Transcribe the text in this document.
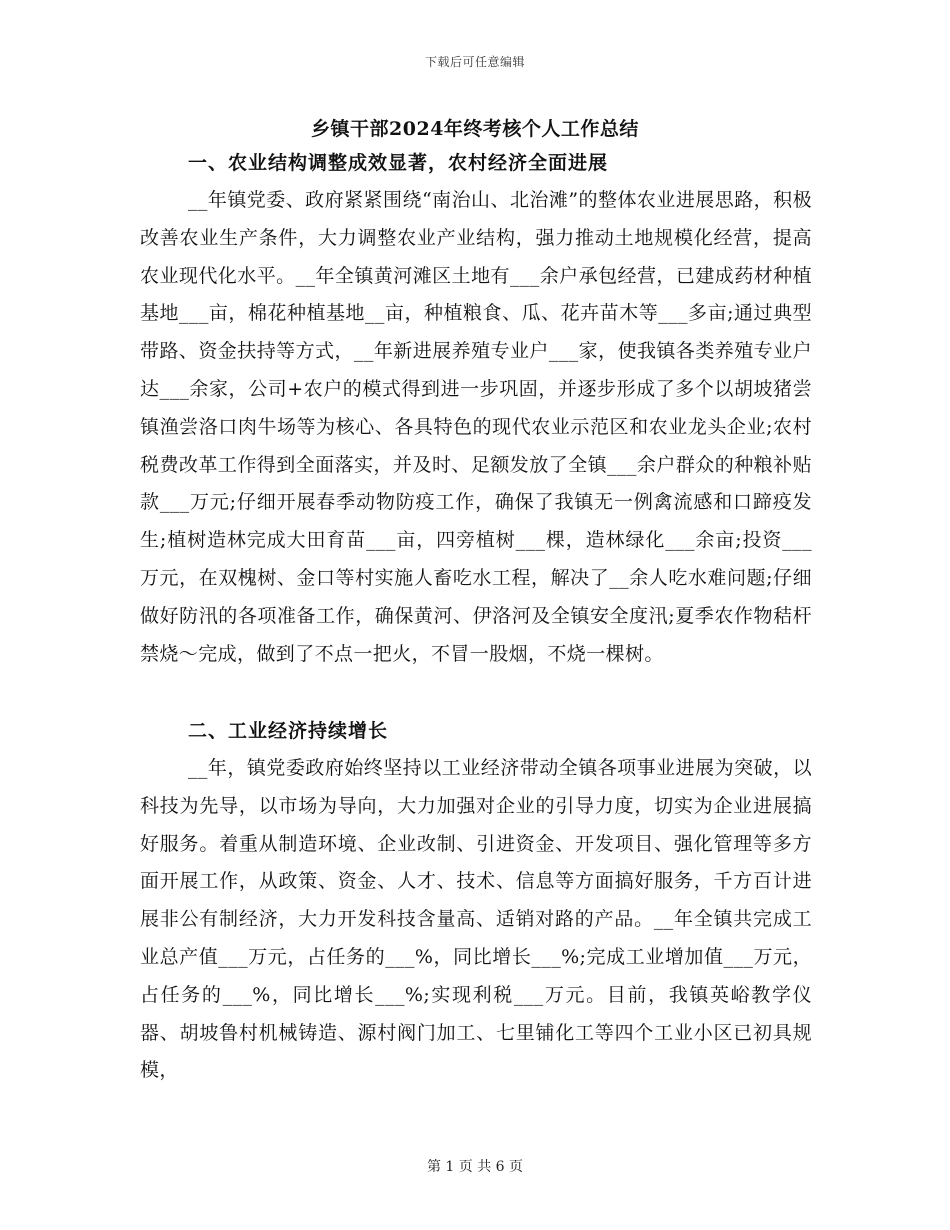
下载后可任意编辑
乡镇干部2024年终考核个人工作总结
一、农业结构调整成效显著，农村经济全面进展

__年镇党委、政府紧紧围绕“南治山、北治滩”的整体农业进展思路，积极改善农业生产条件，大力调整农业产业结构，强力推动土地规模化经营，提高农业现代化水平。__年全镇黄河滩区土地有___余户承包经营，已建成药材种植基地___亩，棉花种植基地__亩，种植粮食、瓜、花卉苗木等___多亩;通过典型带路、资金扶持等方式，__年新进展养殖专业户___家，使我镇各类养殖专业户达___余家，公司+农户的模式得到进一步巩固，并逐步形成了多个以胡坡猪尝镇渔尝洛口肉牛场等为核心、各具特色的现代农业示范区和农业龙头企业;农村税费改革工作得到全面落实，并及时、足额发放了全镇___余户群众的种粮补贴款___万元;仔细开展春季动物防疫工作，确保了我镇无一例禽流感和口蹄疫发生;植树造林完成大田育苗___亩，四旁植树___棵，造林绿化___余亩;投资___万元，在双槐树、金口等村实施人畜吃水工程，解决了__余人吃水难问题;仔细做好防汛的各项准备工作，确保黄河、伊洛河及全镇安全度汛;夏季农作物秸杆禁烧～完成，做到了不点一把火，不冒一股烟，不烧一棵树。

二、工业经济持续增长

__年，镇党委政府始终坚持以工业经济带动全镇各项事业进展为突破，以科技为先导，以市场为导向，大力加强对企业的引导力度，切实为企业进展搞好服务。着重从制造环境、企业改制、引进资金、开发项目、强化管理等多方面开展工作，从政策、资金、人才、技术、信息等方面搞好服务，千方百计进展非公有制经济，大力开发科技含量高、适销对路的产品。__年全镇共完成工业总产值___万元，占任务的___%，同比增长___%;完成工业增加值___万元，占任务的___%，同比增长___%;实现利税___万元。目前，我镇英峪教学仪器、胡坡鲁村机械铸造、源村阀门加工、七里铺化工等四个工业小区已初具规模，

第 1 页 共 6 页
